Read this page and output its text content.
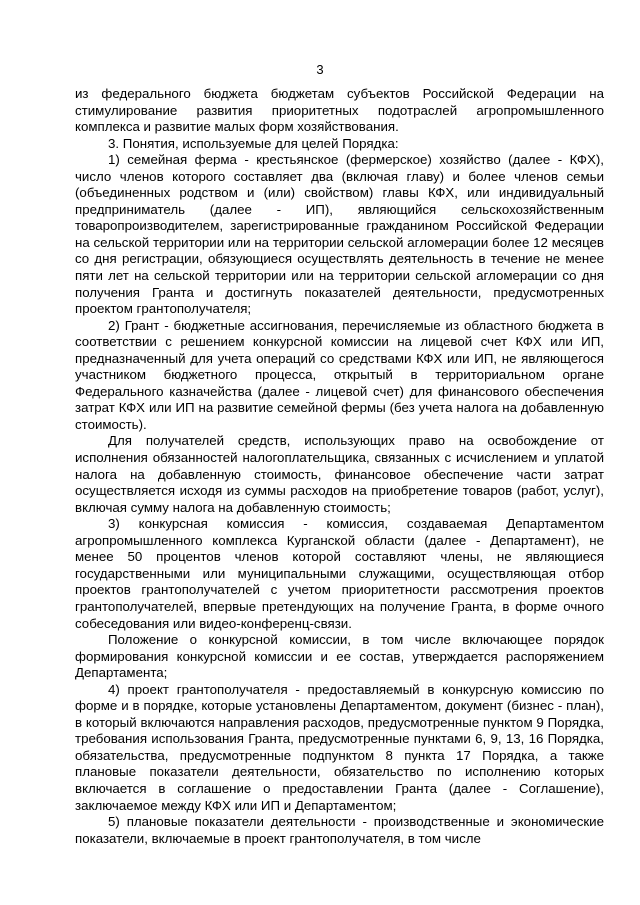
3

из федерального бюджета бюджетам субъектов Российской Федерации на стимулирование развития приоритетных подотраслей агропромышленного комплекса и развитие малых форм хозяйствования.

3. Понятия, используемые для целей Порядка:

1) семейная ферма - крестьянское (фермерское) хозяйство (далее - КФХ), число членов которого составляет два (включая главу) и более членов семьи (объединенных родством и (или) свойством) главы КФХ, или индивидуальный предприниматель (далее - ИП), являющийся сельскохозяйственным товаропроизводителем, зарегистрированные гражданином Российской Федерации на сельской территории или на территории сельской агломерации более 12 месяцев со дня регистрации, обязующиеся осуществлять деятельность в течение не менее пяти лет на сельской территории или на территории сельской агломерации со дня получения Гранта и достигнуть показателей деятельности, предусмотренных проектом грантополучателя;

2) Грант - бюджетные ассигнования, перечисляемые из областного бюджета в соответствии с решением конкурсной комиссии на лицевой счет КФХ или ИП, предназначенный для учета операций со средствами КФХ или ИП, не являющегося участником бюджетного процесса, открытый в территориальном органе Федерального казначейства (далее - лицевой счет) для финансового обеспечения затрат КФХ или ИП на развитие семейной фермы (без учета налога на добавленную стоимость).

Для получателей средств, использующих право на освобождение от исполнения обязанностей налогоплательщика, связанных с исчислением и уплатой налога на добавленную стоимость, финансовое обеспечение части затрат осуществляется исходя из суммы расходов на приобретение товаров (работ, услуг), включая сумму налога на добавленную стоимость;

3) конкурсная комиссия - комиссия, создаваемая Департаментом агропромышленного комплекса Курганской области (далее - Департамент), не менее 50 процентов членов которой составляют члены, не являющиеся государственными или муниципальными служащими, осуществляющая отбор проектов грантополучателей с учетом приоритетности рассмотрения проектов грантополучателей, впервые претендующих на получение Гранта, в форме очного собеседования или видео-конференц-связи.

Положение о конкурсной комиссии, в том числе включающее порядок формирования конкурсной комиссии и ее состав, утверждается распоряжением Департамента;

4) проект грантополучателя - предоставляемый в конкурсную комиссию по форме и в порядке, которые установлены Департаментом, документ (бизнес - план), в который включаются направления расходов, предусмотренные пунктом 9 Порядка, требования использования Гранта, предусмотренные пунктами 6, 9, 13, 16 Порядка, обязательства, предусмотренные подпунктом 8 пункта 17 Порядка, а также плановые показатели деятельности, обязательство по исполнению которых включается в соглашение о предоставлении Гранта (далее - Соглашение), заключаемое между КФХ или ИП и Департаментом;

5) плановые показатели деятельности - производственные и экономические показатели, включаемые в проект грантополучателя, в том числе
